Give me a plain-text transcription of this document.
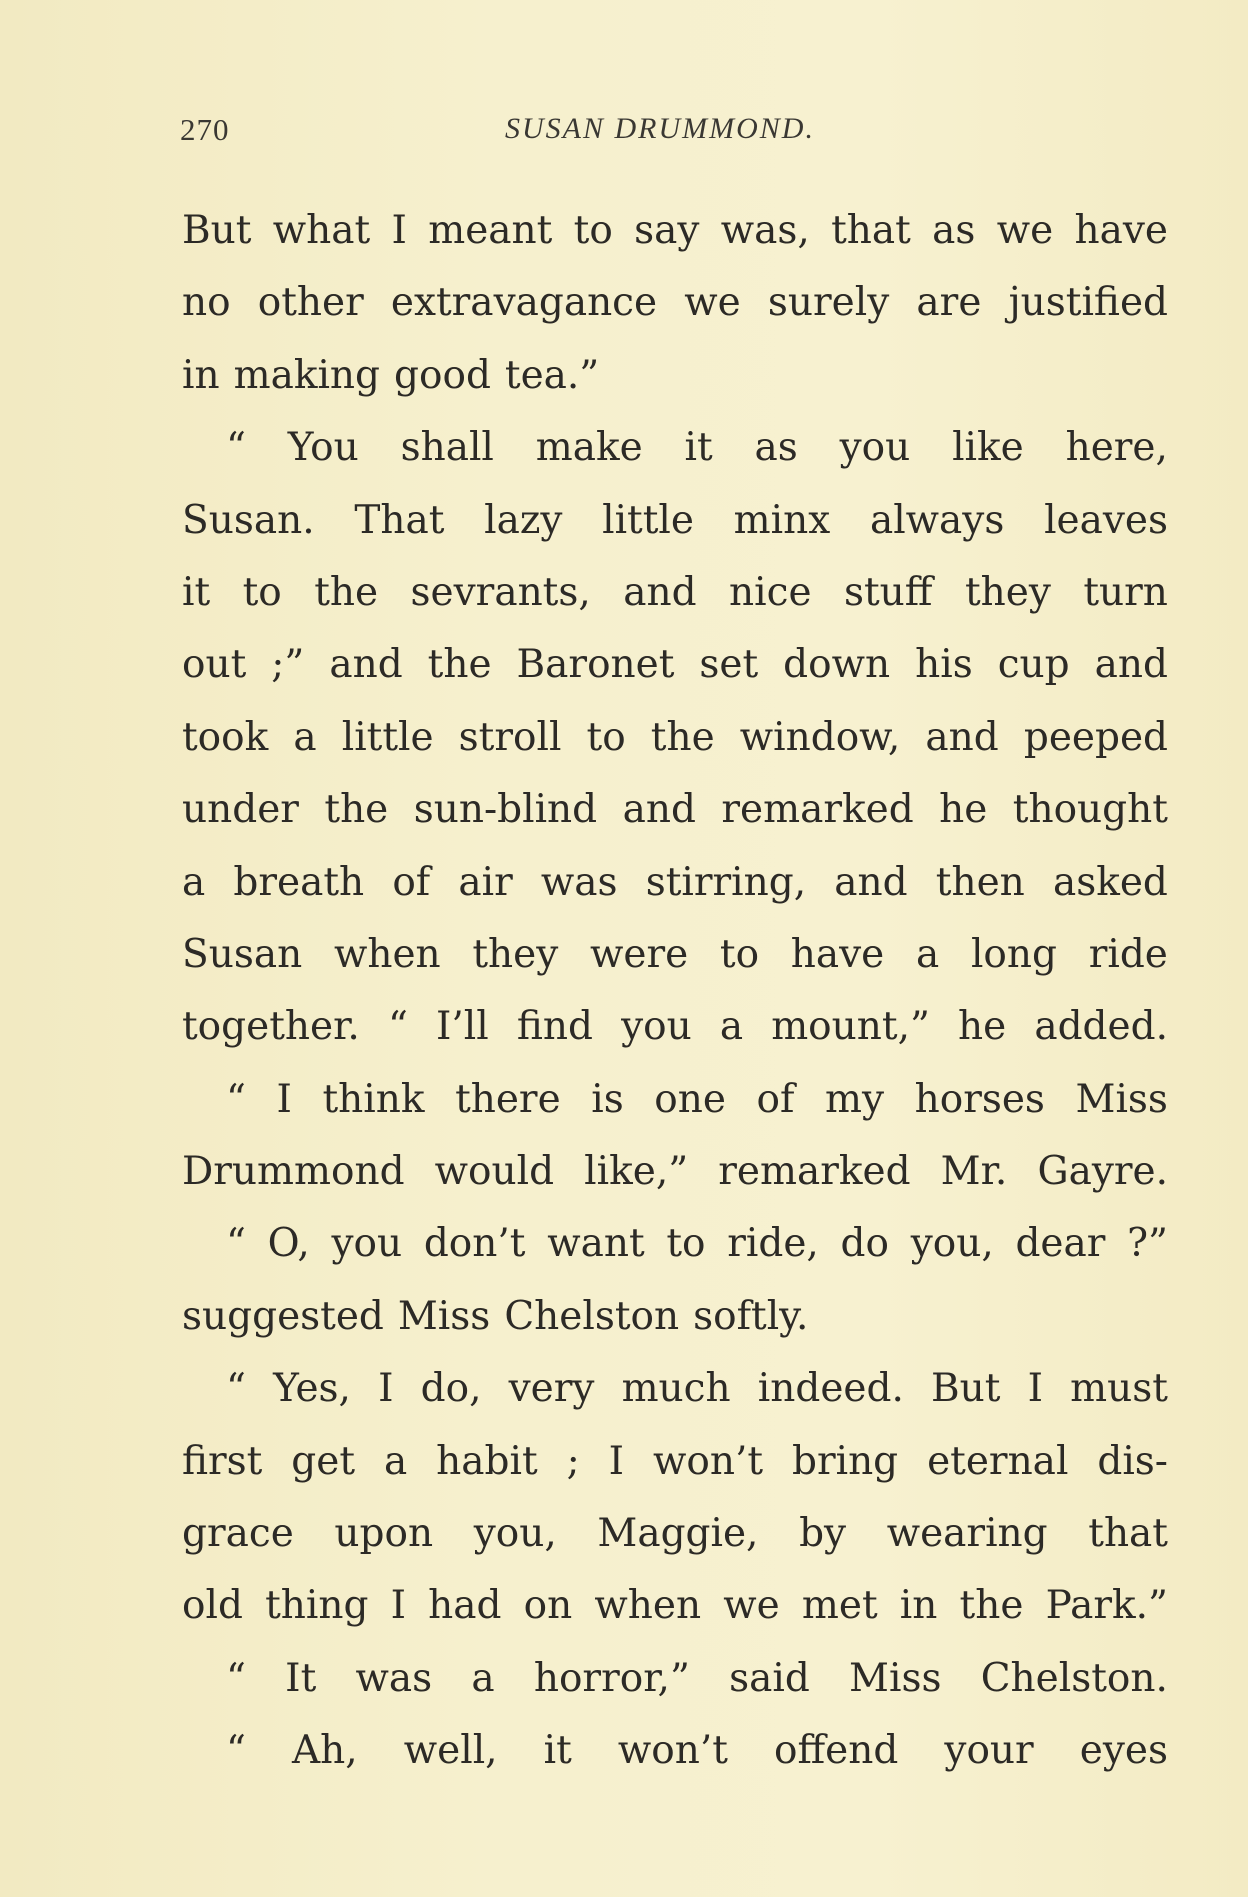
270	SUSAN DRUMMOND.
But what I meant to say was, that as we have
no other extravagance we surely are justified
in making good tea.”
“ You shall make it as you like here,
Susan. That lazy little minx always leaves
it to the sevrants, and nice stuff they turn
out ;” and the Baronet set down his cup and
took a little stroll to the window, and peeped
under the sun-blind and remarked he thought
a breath of air was stirring, and then asked
Susan when they were to have a long ride
together. “ I’ll find you a mount,” he added.
“ I think there is one of my horses Miss
Drummond would like,” remarked Mr. Gayre.
“ O, you don’t want to ride, do you, dear ?”
suggested Miss Chelston softly.
“ Yes, I do, very much indeed. But I must
first get a habit ; I won’t bring eternal dis-
grace upon you, Maggie, by wearing that
old thing I had on when we met in the Park.”
“ It was a horror,” said Miss Chelston.
“ Ah, well, it won’t offend your eyes
